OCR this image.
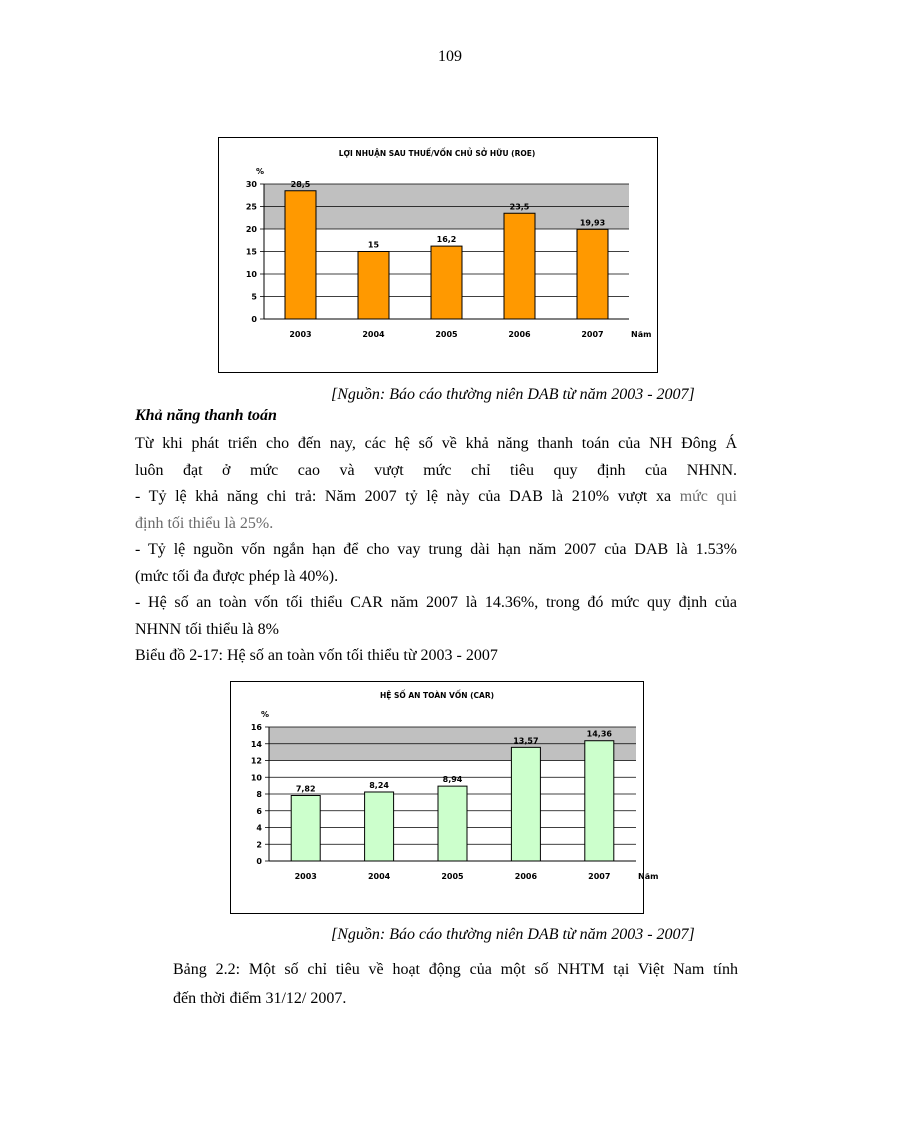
109
LỢI NHUẬN SAU THUẾ/VỐN CHỦ SỞ HỮU (ROE)
%
0
5
10
15
20
25
30	28,5
2003
15
2004
16,2
2005
23,5
2006
19,93
2007	Năm
[Nguồn: Báo cáo thường niên DAB từ năm 2003 - 2007]
Khả năng thanh toán
Từ khi phát triển cho đến nay, các hệ số về khả năng thanh toán của NH Đông Á
luôn đạt ở mức cao và vượt mức chỉ tiêu quy định của NHNN.
- Tỷ lệ khả năng chi trả: Năm 2007 tỷ lệ này của DAB là 210% vượt xa mức qui
định tối thiểu là 25%.
- Tỷ lệ nguồn vốn ngắn hạn để cho vay trung dài hạn năm 2007 của DAB là 1.53%
(mức tối đa được phép là 40%).
- Hệ số an toàn vốn tối thiểu CAR năm 2007 là 14.36%, trong đó mức quy định của
NHNN tối thiểu là 8%
Biểu đồ 2-17: Hệ số an toàn vốn tối thiểu từ 2003 - 2007
HỆ SỐ AN TOÀN VỐN (CAR)
%
0
2
4
6
8
10
12
14
16
7,82
2003
8,24
2004
8,94
2005
13,57
2006
14,36
2007	Năm
[Nguồn: Báo cáo thường niên DAB từ năm 2003 - 2007]
Bảng 2.2: Một số chỉ tiêu về hoạt động của một số NHTM tại Việt Nam tính
đến thời điểm 31/12/ 2007.
